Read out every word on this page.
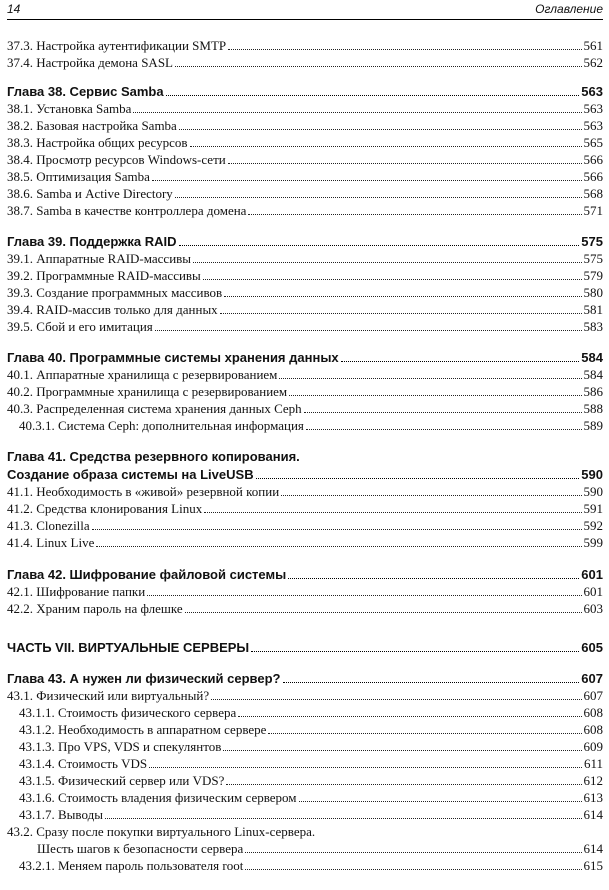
14	Оглавление
37.3. Настройка аутентификации SMTP	561
37.4. Настройка демона SASL	562
Глава 38. Сервис Samba	563
38.1. Установка Samba	563
38.2. Базовая настройка Samba	563
38.3. Настройка общих ресурсов	565
38.4. Просмотр ресурсов Windows-сети	566
38.5. Оптимизация Samba	566
38.6. Samba и Active Directory	568
38.7. Samba в качестве контроллера домена	571
Глава 39. Поддержка RAID	575
39.1. Аппаратные RAID-массивы	575
39.2. Программные RAID-массивы	579
39.3. Создание программных массивов	580
39.4. RAID-массив только для данных	581
39.5. Сбой и его имитация	583
Глава 40. Программные системы хранения данных	584
40.1. Аппаратные хранилища с резервированием	584
40.2. Программные хранилища с резервированием	586
40.3. Распределенная система хранения данных Ceph	588
40.3.1. Система Ceph: дополнительная информация	589
Глава 41. Средства резервного копирования.
Создание образа системы на LiveUSB	590
41.1. Необходимость в «живой» резервной копии	590
41.2. Средства клонирования Linux	591
41.3. Clonezilla	592
41.4. Linux Live	599
Глава 42. Шифрование файловой системы	601
42.1. Шифрование папки	601
42.2. Храним пароль на флешке	603
ЧАСТЬ VII. ВИРТУАЛЬНЫЕ СЕРВЕРЫ	605
Глава 43. А нужен ли физический сервер?	607
43.1. Физический или виртуальный?	607
43.1.1. Стоимость физического сервера	608
43.1.2. Необходимость в аппаратном сервере	608
43.1.3. Про VPS, VDS и спекулянтов	609
43.1.4. Стоимость VDS	611
43.1.5. Физический сервер или VDS?	612
43.1.6. Стоимость владения физическим сервером	613
43.1.7. Выводы	614
43.2. Сразу после покупки виртуального Linux-сервера.
Шесть шагов к безопасности сервера	614
43.2.1. Меняем пароль пользователя root	615
